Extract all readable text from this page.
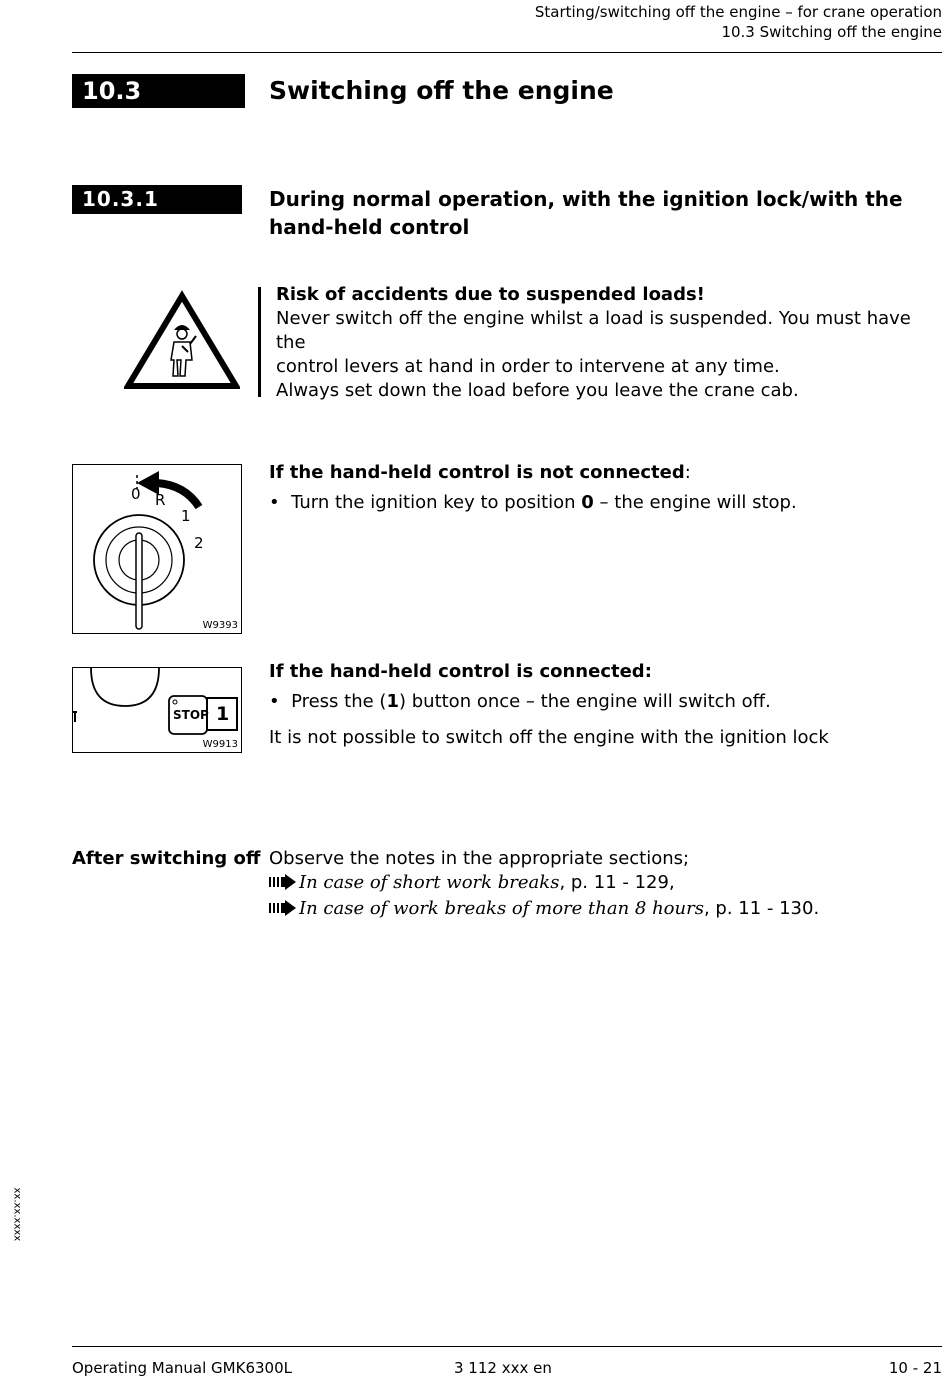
Starting/switching off the engine – for crane operation
10.3 Switching off the engine
10.3	Switching off the engine
10.3.1	During normal operation, with the ignition lock/with the
hand-held control
Risk of accidents due to suspended loads!
Never switch off the engine whilst a load is suspended. You must have the
control levers at hand in order to intervene at any time.
Always set down the load before you leave the crane cab.
0 R
1
2
W9393
If the hand-held control is not connected:
•  Turn the ignition key to position 0 – the engine will stop.
STOP 1
W9913
If the hand-held control is connected:
•  Press the (1) button once – the engine will switch off.
It is not possible to switch off the engine with the ignition lock
After switching off Observe the notes in the appropriate sections;
In case of short work breaks, p. 11 - 129,
In case of work breaks of more than 8 hours, p. 11 - 130.
xx.xx.xxxx
Operating Manual GMK6300L	3 112 xxx en	10 - 21
